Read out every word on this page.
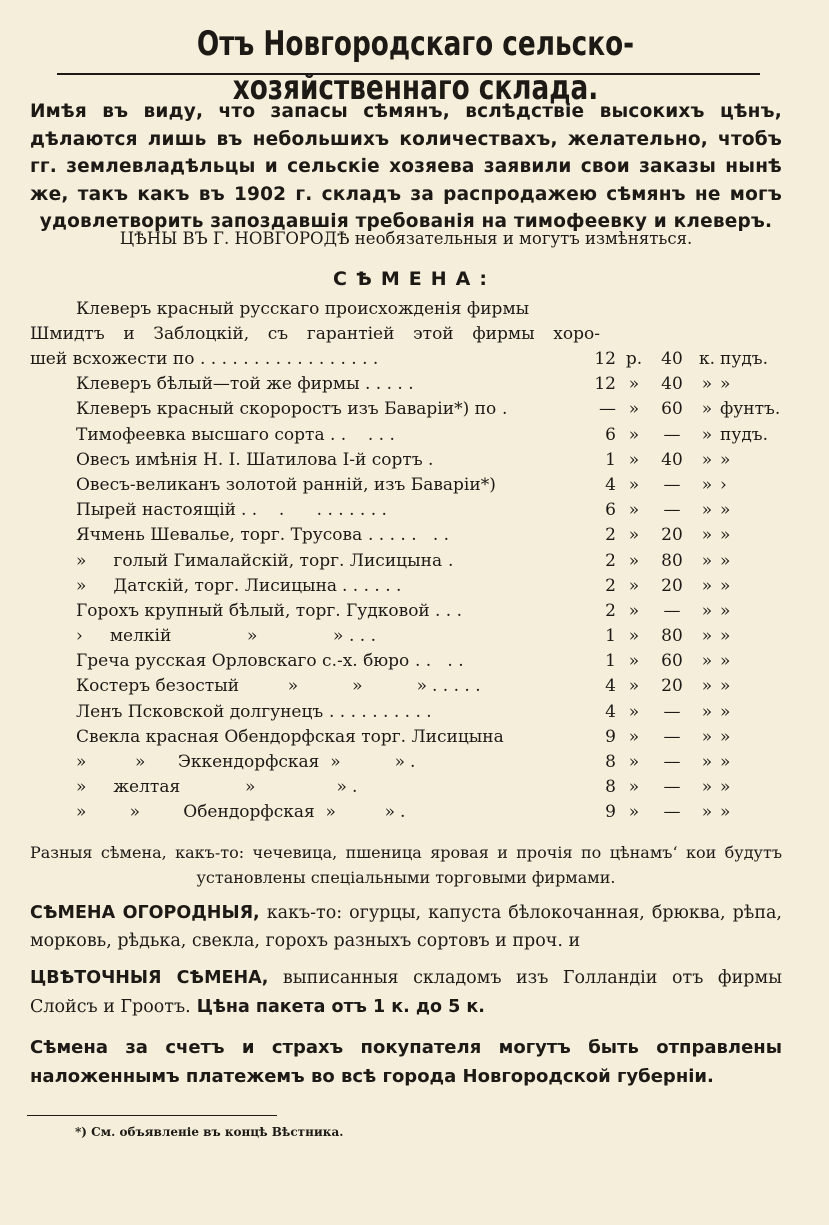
Отъ Новгородскаго сельско-хозяйственнаго склада.
Имѣя въ виду, что запасы сѣмянъ, вслѣдствіе высокихъ цѣнъ, дѣлаются лишь въ небольшихъ количествахъ, желательно, чтобъ гг. землевладѣльцы и сельскіе хозяева заявили свои заказы нынѣ же, такъ какъ въ 1902 г. складъ за распродажею сѣмянъ не могъ удовлетворить запоздавшія требованія на тимофеевку и клеверъ.
ЦѢНЫ ВЪ Г. НОВГОРОДѢ необязательныя и могутъ измѣняться.
СѢМЕНА:
Клеверъ красный русскаго происхожденія фирмы
Шмидтъ и Заблоцкій, съ гарантіей этой фирмы хоро-
шей всхожести по . . . . . . . . . . . . . . . . .	12 р.	40 к. пудъ.
Клеверъ бѣлый—той же фирмы . . . . .	12 »	40	» »
Клеверъ красный скороростъ изъ Баваріи*) по .	— »	60	» фунтъ.
Тимофеевка высшаго сорта . .    . . .	6 »	—	» пудъ.
Овесъ имѣнія Н. І. Шатилова І-й сортъ .	1 »	40	» »
Овесъ-великанъ золотой ранній, изъ Баваріи*)	4 »	—	» ›
Пырей настоящій . .    .      . . . . . . .	6 »	—	» »
Ячмень Шевалье, торг. Трусова . . . . .   . .	2 »	20	» »
»     голый Гималайскій, торг. Лисицына .	2 »	80	» »
»     Датскій, торг. Лисицына . . . . . .	2 »	20	» »
Горохъ крупный бѣлый, торг. Гудковой . . .	2 »	—	» »
›     мелкій              »              » . . .	1 »	80	» »
Греча русская Орловскаго с.-х. бюро . .   . .	1 »	60	» »
Костеръ безостый         »          »          » . . . . .	4 »	20	» »
Ленъ Псковской долгунецъ . . . . . . . . . .	4 »	—	» »
Свекла красная Обендорфская торг. Лисицына	9 »	—	» »
»         »      Эккендорфская  »          » .	8 »	—	» »
»     желтая            »               » .	8 »	—	» »
»        »        Обендорфская  »         » .	9 »	—	» »
Разныя сѣмена, какъ-то: чечевица, пшеница яровая и прочія по цѣнамъ‘ кои будутъ установлены спеціальными торговыми фирмами.
СѢМЕНА ОГОРОДНЫЯ, какъ-то: огурцы, капуста бѣлокочанная, брюква, рѣпа, морковь, рѣдька, свекла, горохъ разныхъ сортовъ и проч. и
ЦВѢТОЧНЫЯ СѢМЕНА, выписанныя складомъ изъ Голландіи отъ фирмы Слойсъ и Гроотъ. Цѣна пакета отъ 1 к. до 5 к.
Сѣмена за счетъ и страхъ покупателя могутъ быть отправлены наложеннымъ платежемъ во всѣ города Новгородской губерніи.
*) См. объявленіе въ концѣ Вѣстника.
